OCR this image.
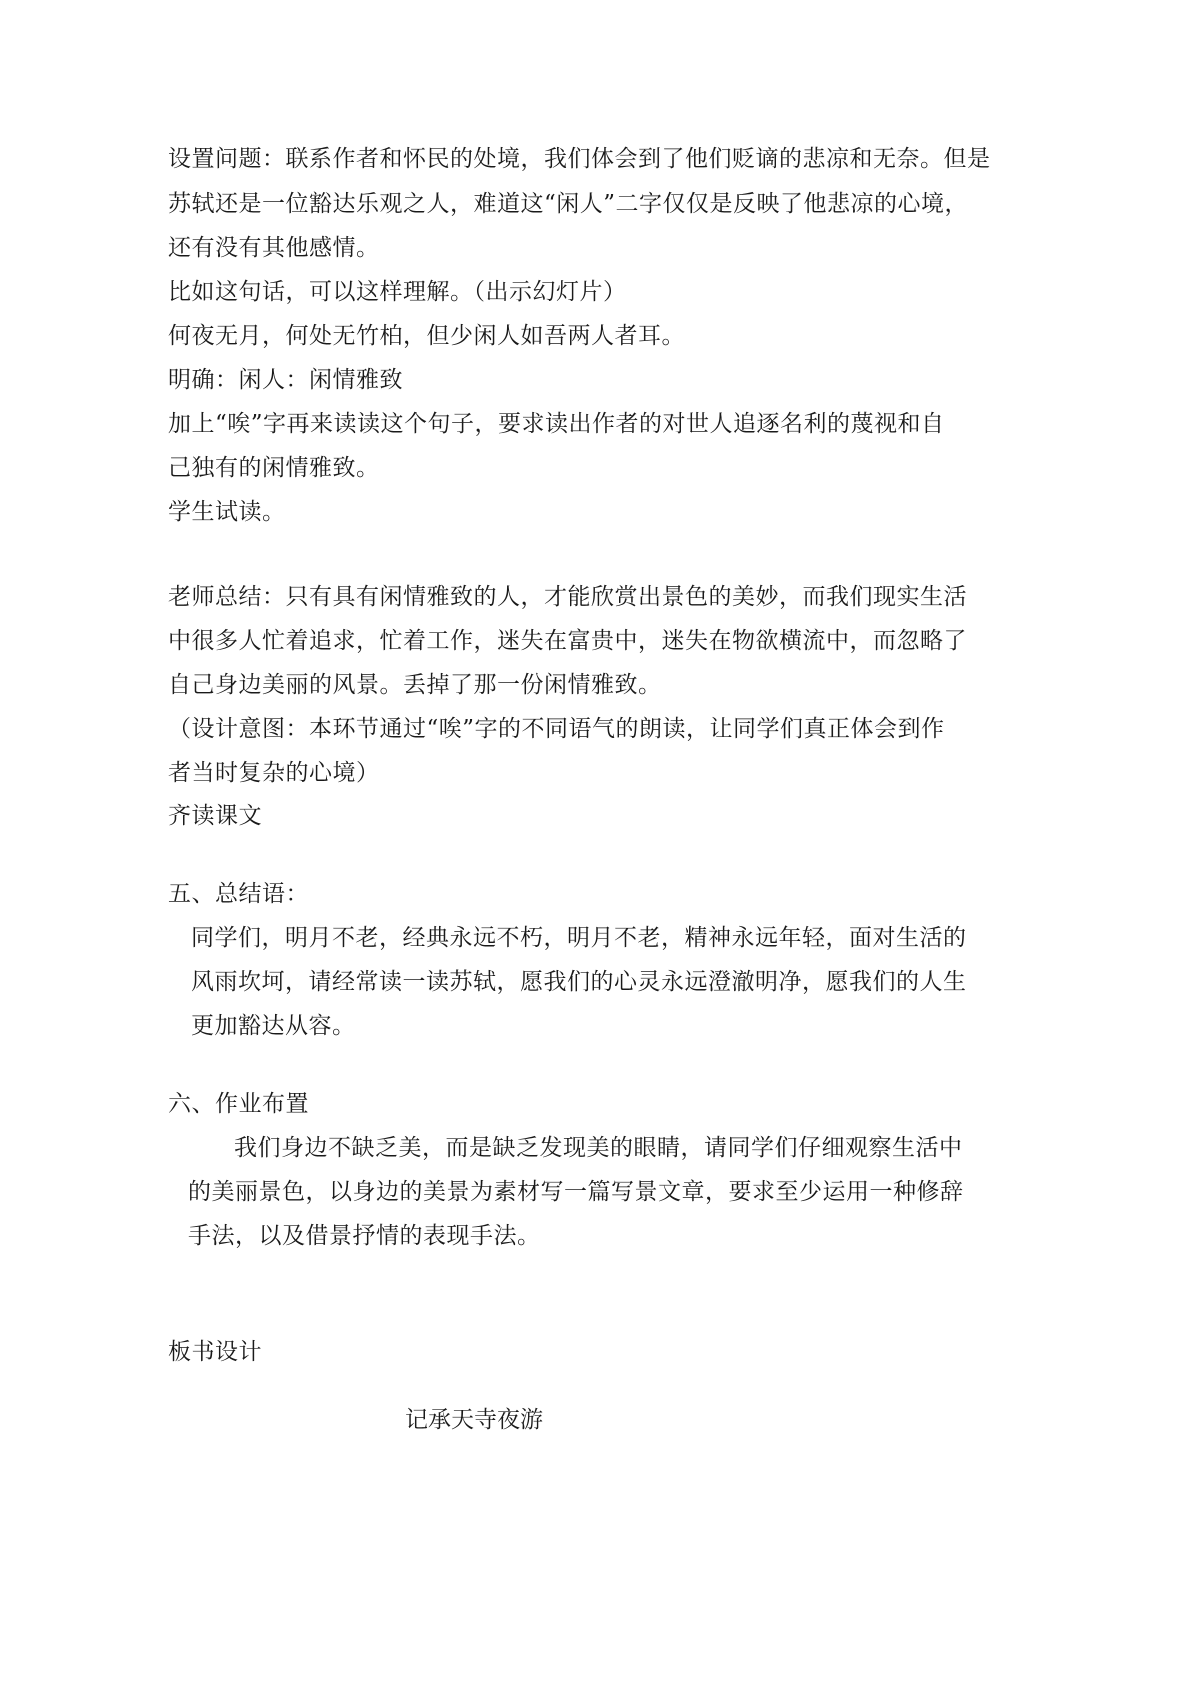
设置问题：联系作者和怀民的处境，我们体会到了他们贬谪的悲凉和无奈。但是
苏轼还是一位豁达乐观之人，难道这“闲人”二字仅仅是反映了他悲凉的心境，
还有没有其他感情。
比如这句话，可以这样理解。（出示幻灯片）
何夜无月，何处无竹柏，但少闲人如吾两人者耳。
明确：闲人：闲情雅致
加上“唉”字再来读读这个句子，要求读出作者的对世人追逐名利的蔑视和自
己独有的闲情雅致。
学生试读。
老师总结：只有具有闲情雅致的人，才能欣赏出景色的美妙，而我们现实生活
中很多人忙着追求，忙着工作，迷失在富贵中，迷失在物欲横流中，而忽略了
自己身边美丽的风景。丢掉了那一份闲情雅致。
（设计意图：本环节通过“唉”字的不同语气的朗读，让同学们真正体会到作
者当时复杂的心境）
齐读课文
五、总结语：
同学们，明月不老，经典永远不朽，明月不老，精神永远年轻，面对生活的
风雨坎坷，请经常读一读苏轼，愿我们的心灵永远澄澈明净，愿我们的人生
更加豁达从容。
六、作业布置
我们身边不缺乏美，而是缺乏发现美的眼睛，请同学们仔细观察生活中
的美丽景色，以身边的美景为素材写一篇写景文章，要求至少运用一种修辞
手法，以及借景抒情的表现手法。
板书设计
记承天寺夜游
